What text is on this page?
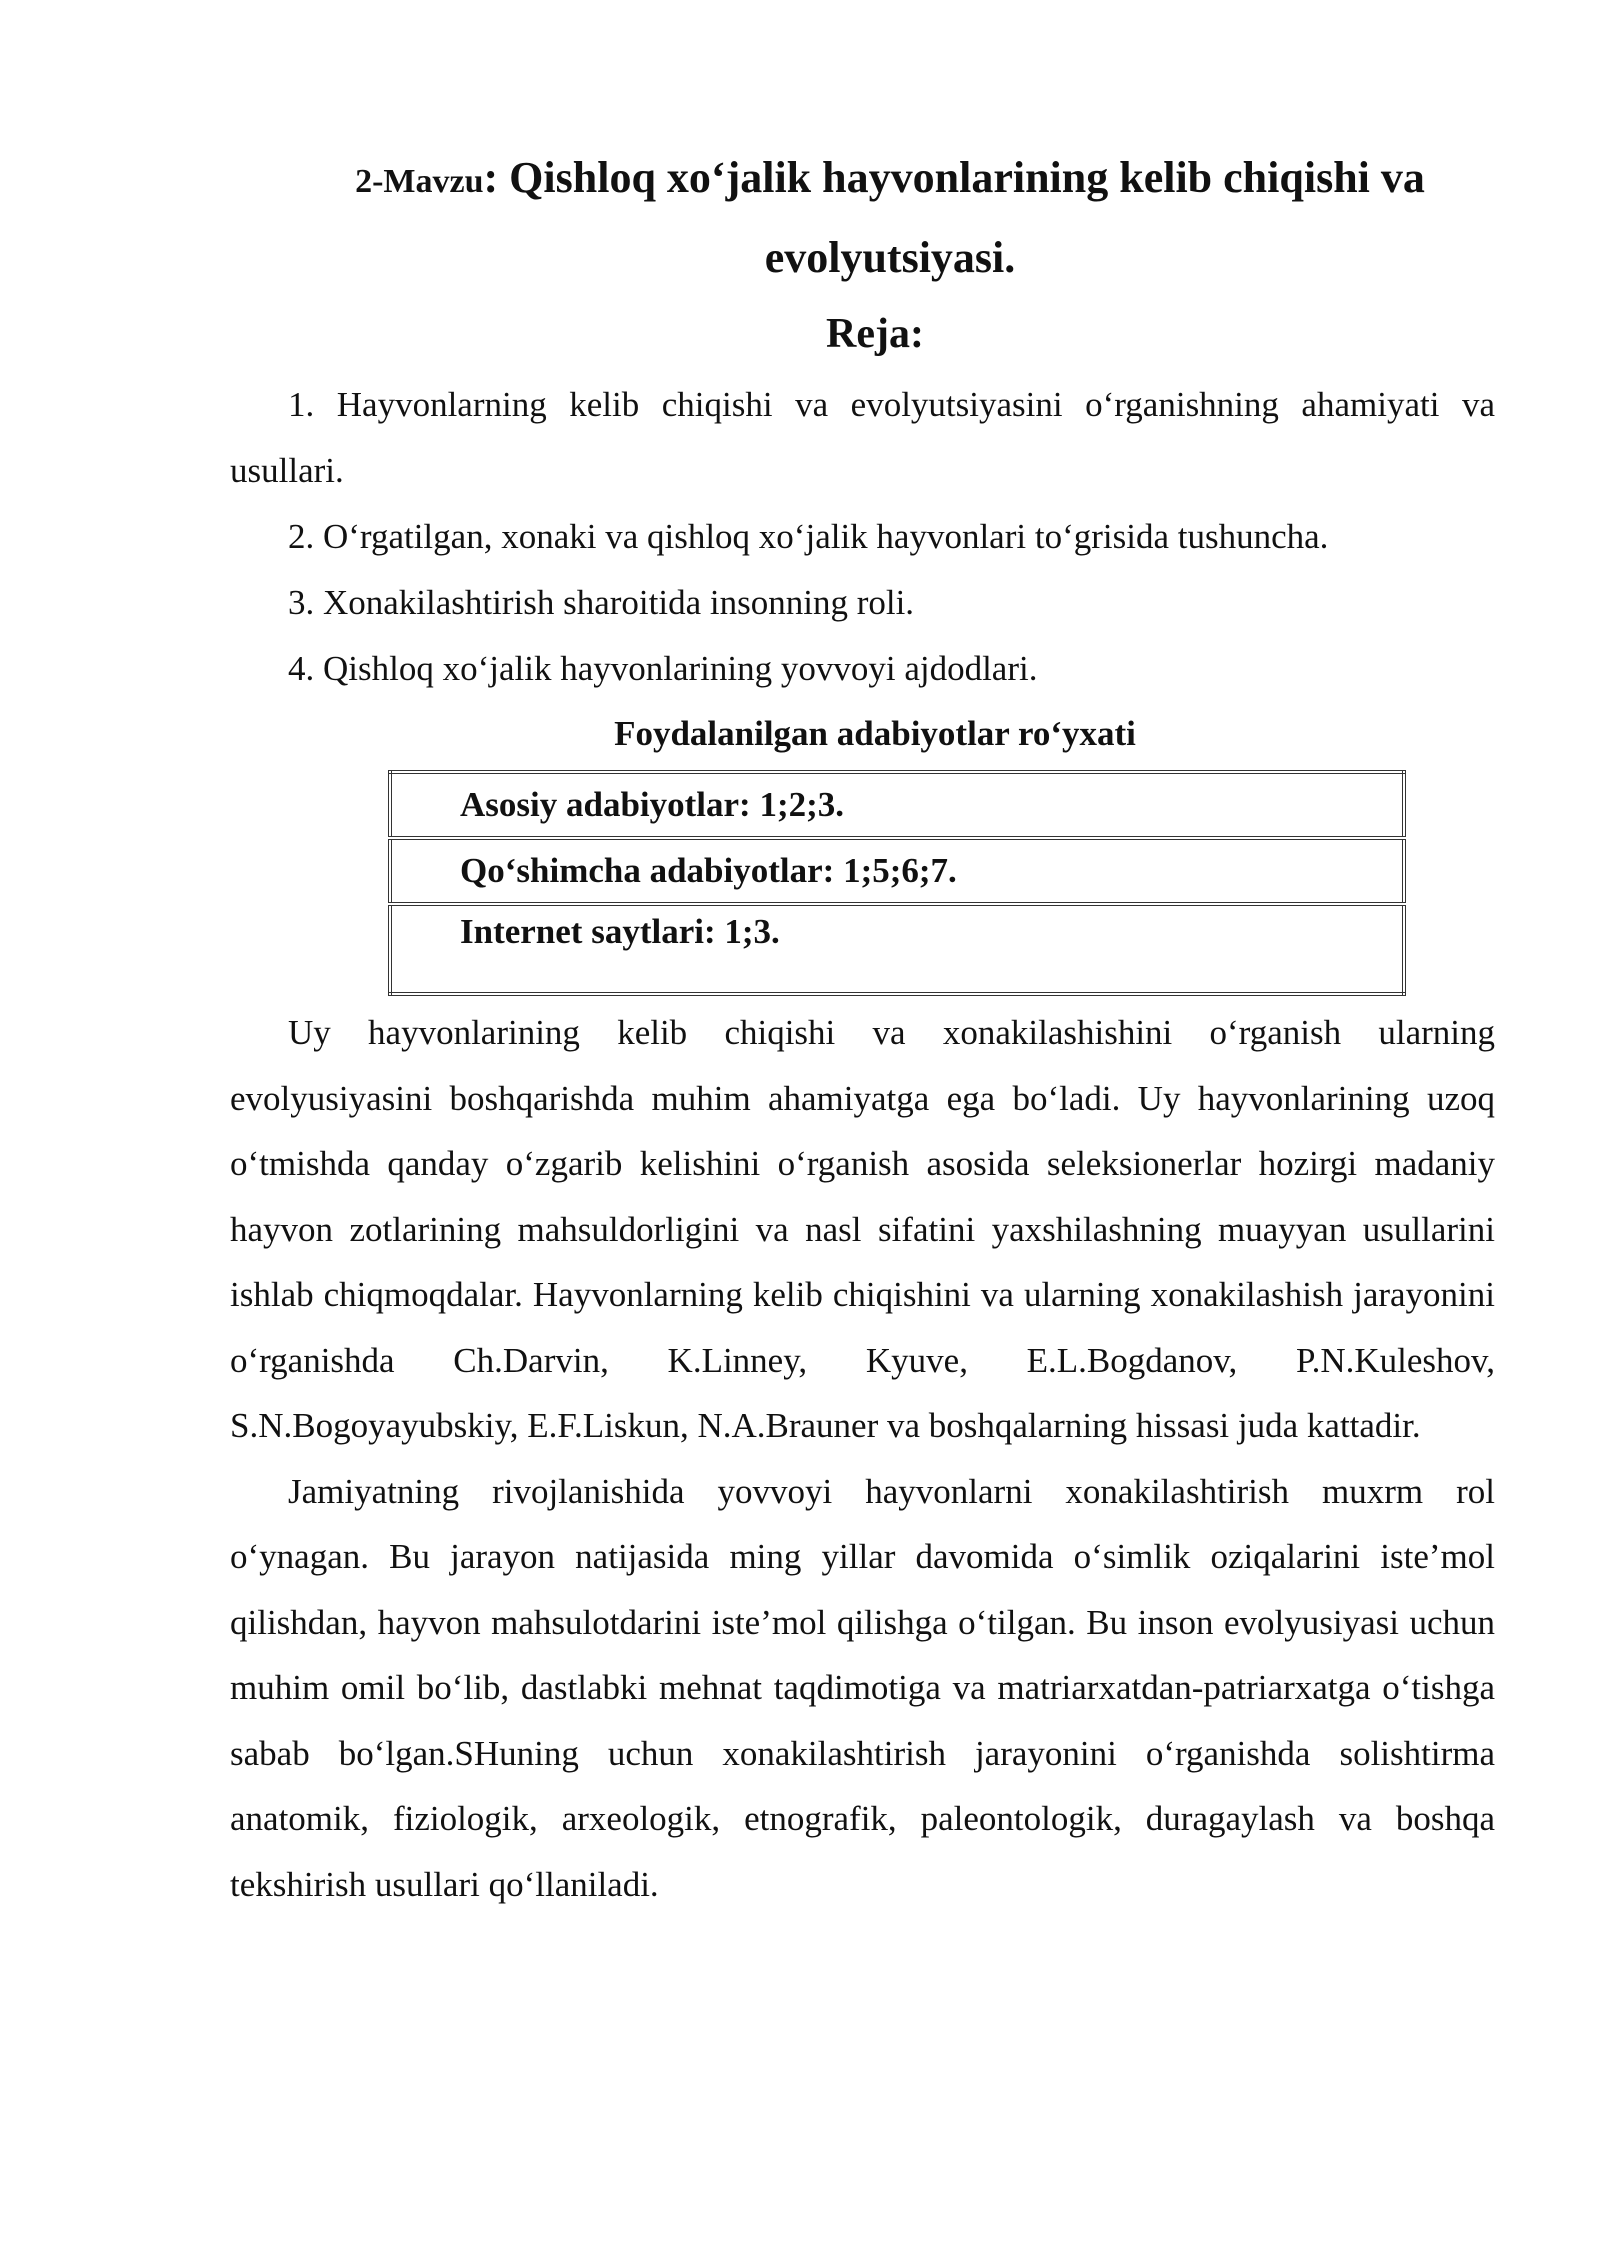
2-Mavzu: Qishloq xo‘jalik hayvonlarining kelib chiqishi va evolyutsiyasi.
Reja:
1. Hayvonlarning kelib chiqishi va evolyutsiyasini o‘rganishning ahamiyati va usullari.
2. O‘rgatilgan, xonaki va qishloq xo‘jalik hayvonlari to‘grisida tushuncha.
3. Xonakilashtirish sharoitida insonning roli.
4. Qishloq xo‘jalik hayvonlarining yovvoyi ajdodlari.
Foydalanilgan adabiyotlar ro‘yxati
Asosiy adabiyotlar: 1;2;3.
Qo‘shimcha adabiyotlar: 1;5;6;7.
Internet saytlari: 1;3.

Uy hayvonlarining kelib chiqishi va xonakilashishini o‘rganish ularning evolyusiyasini boshqarishda muhim ahamiyatga ega bo‘ladi. Uy hayvonlarining uzoq o‘tmishda qanday o‘zgarib kelishini o‘rganish asosida seleksionerlar hozirgi madaniy hayvon zotlarining mahsuldorligini va nasl sifatini yaxshilashning muayyan usullarini ishlab chiqmoqdalar. Hayvonlarning kelib chiqishini va ularning xonakilashish jarayonini o‘rganishda Ch.Darvin, K.Linney, Kyuve, E.L.Bogdanov, P.N.Kuleshov, S.N.Bogoyayubskiy, E.F.Liskun, N.A.Brauner va boshqalarning hissasi juda kattadir.

Jamiyatning rivojlanishida yovvoyi hayvonlarni xonakilashtirish muxrm rol o‘ynagan. Bu jarayon natijasida ming yillar davomida o‘simlik oziqalarini iste’mol qilishdan, hayvon mahsulotdarini iste’mol qilishga o‘tilgan. Bu inson evolyusiyasi uchun muhim omil bo‘lib, dastlabki mehnat taqdimotiga va matriarxatdan-patriarxatga o‘tishga sabab bo‘lgan.SHuning uchun xonakilashtirish jarayonini o‘rganishda solishtirma anatomik, fiziologik, arxeologik, etnografik, paleontologik, duragaylash va boshqa tekshirish usullari qo‘llaniladi.
